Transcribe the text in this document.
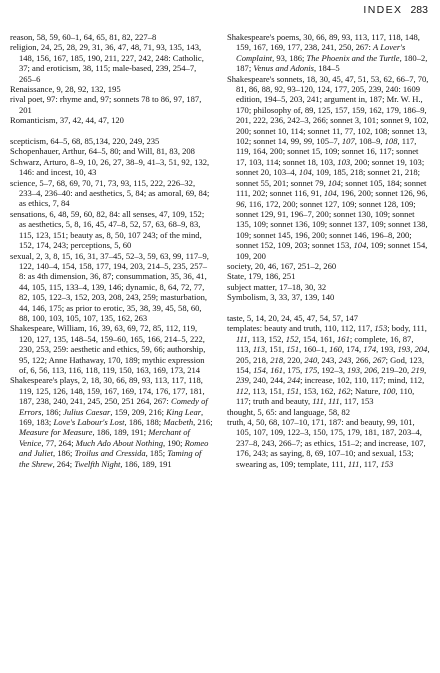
INDEX 283
reason, 58, 59, 60–1, 64, 65, 81, 82, 227–8
religion, 24, 25, 28, 29, 31, 36, 47, 48, 71, 93, 135, 143, 148, 156, 167, 185, 190, 211, 227, 242, 248: Catholic, 37; and eroticism, 38, 115; male-based, 239, 254–7, 265–6
Renaissance, 9, 28, 92, 132, 195
rival poet, 97: rhyme and, 97; sonnets 78 to 86, 97, 187, 201
Romanticism, 37, 42, 44, 47, 120
scepticism, 64–5, 68, 85,134, 220, 249, 235
Schopenhauer, Arthur, 64–5, 80; and Will, 81, 83, 208
Schwarz, Arturo, 8–9, 10, 26, 27, 38–9, 41–3, 51, 92, 132, 146: and incest, 10, 43
science, 5–7, 68, 69, 70, 71, 73, 93, 115, 222, 226–32, 233–4, 236–40: and aesthetics, 5, 84; as amoral, 69, 84; as ethics, 7, 84
sensations, 6, 48, 59, 60, 82, 84: all senses, 47, 109, 152; as aesthetics, 5, 8, 16, 45, 47–8, 52, 57, 63, 68–9, 83, 115, 123, 151; beauty as, 8, 50, 107 243; of the mind, 152, 174, 243; perceptions, 5, 60
sexual, 2, 3, 8, 15, 16, 31, 37–45, 52–3, 59, 63, 99, 117–9, 122, 140–4, 154, 158, 177, 194, 203, 214–5, 235, 257–8: as 4th dimension, 36, 87; consummation, 35, 36, 41, 44, 105, 115, 133–4, 139, 146; dynamic, 8, 64, 72, 77, 82, 105, 122–3, 152, 203, 208, 243, 259; masturbation, 44, 146, 175; as prior to erotic, 35, 38, 39, 45, 58, 60, 88, 100, 103, 105, 107, 135, 162, 263
Shakespeare, William, 16, 39, 63, 69, 72, 85, 112, 119, 120, 127, 135, 148–54, 159–60, 165, 166, 214–5, 222, 230, 253, 259: aesthetic and ethics, 59, 66; authorship, 95, 122; Anne Hathaway, 170, 189; mythic expression of, 6, 56, 113, 116, 118, 119, 150, 163, 169, 173, 214
Shakespeare's plays, 2, 18, 30, 66, 89, 93, 113, 117, 118, 119, 125, 126, 148, 159, 167, 169, 174, 176, 177, 181, 187, 238, 240, 241, 245, 250, 251 264, 267: Comedy of Errors, 186; Julius Caesar, 159, 209, 216; King Lear, 169, 183; Love's Labour's Lost, 186, 188; Macbeth, 216; Measure for Measure, 186, 189, 191; Merchant of Venice, 77, 264; Much Ado About Nothing, 190; Romeo and Juliet, 186; Troilus and Cressida, 185; Taming of the Shrew, 264; Twelfth Night, 186, 189, 191
Shakespeare's poems, 30, 66, 89, 93, 113, 117, 118, 148, 159, 167, 169, 177, 238, 241, 250, 267: A Lover's Complaint, 93, 186; The Phoenix and the Turtle, 180–2, 187; Venus and Adonis, 184–5
Shakespeare's sonnets, 18, 30, 45, 47, 51, 53, 62, 66–7, 70, 81, 86, 88, 92, 93–120, 124, 177, 205, 239, 240: 1609 edition, 194–5, 203, 241; argument in, 187; Mr. W. H., 170; philosophy of, 89, 125, 157, 159, 162, 179, 186–9, 201, 222, 236, 242–3, 266; sonnet 3, 101; sonnet 9, 102, 200; sonnet 10, 114; sonnet 11, 77, 102, 108; sonnet 13, 102; sonnet 14, 99, 99, 105–7, 107, 108–9, 108, 117, 119, 164, 200; sonnet 15, 109; sonnet 16, 117; sonnet 17, 103, 114; sonnet 18, 103, 103, 200; sonnet 19, 103; sonnet 20, 103–4, 104, 109, 185, 218; sonnet 21, 218; sonnet 55, 201; sonnet 79, 104; sonnet 105, 184; sonnet 111, 202; sonnet 116, 91, 104, 196, 200; sonnet 126, 96, 96, 116, 172, 200; sonnet 127, 109; sonnet 128, 109; sonnet 129, 91, 196–7, 200; sonnet 130, 109; sonnet 135, 109; sonnet 136, 109; sonnet 137, 109; sonnet 138, 109; sonnet 145, 196, 200; sonnet 146, 196–8, 200; sonnet 152, 109, 203; sonnet 153, 104, 109; sonnet 154, 109, 200
society, 20, 46, 167, 251–2, 260
State, 179, 186, 251
subject matter, 17–18, 30, 32
Symbolism, 3, 33, 37, 139, 140
taste, 5, 14, 20, 24, 45, 47, 54, 57, 147
templates: beauty and truth, 110, 112, 117, 153; body, 111, 111, 113, 152, 152, 154, 161, 161; complete, 16, 87, 113, 113, 151, 151, 160–1, 160, 174, 174, 193, 193, 204, 205, 218, 218, 220, 240, 243, 243, 266, 267; God, 123, 154, 154, 161, 175, 175, 192–3, 193, 206, 219–20, 219, 239, 240, 244, 244; increase, 102, 110, 117; mind, 112, 112, 113, 151, 151, 153, 162, 162; Nature, 100, 110, 117; truth and beauty, 111, 111, 117, 153
thought, 5, 65: and language, 58, 82
truth, 4, 50, 68, 107–10, 171, 187: and beauty, 99, 101, 105, 107, 109, 122–3, 150, 175, 179, 181, 187, 203–4, 237–8, 243, 266–7; as ethics, 151–2; and increase, 107, 176, 243; as saying, 8, 69, 107–10; and sexual, 153; swearing as, 109; template, 111, 111, 117, 153
